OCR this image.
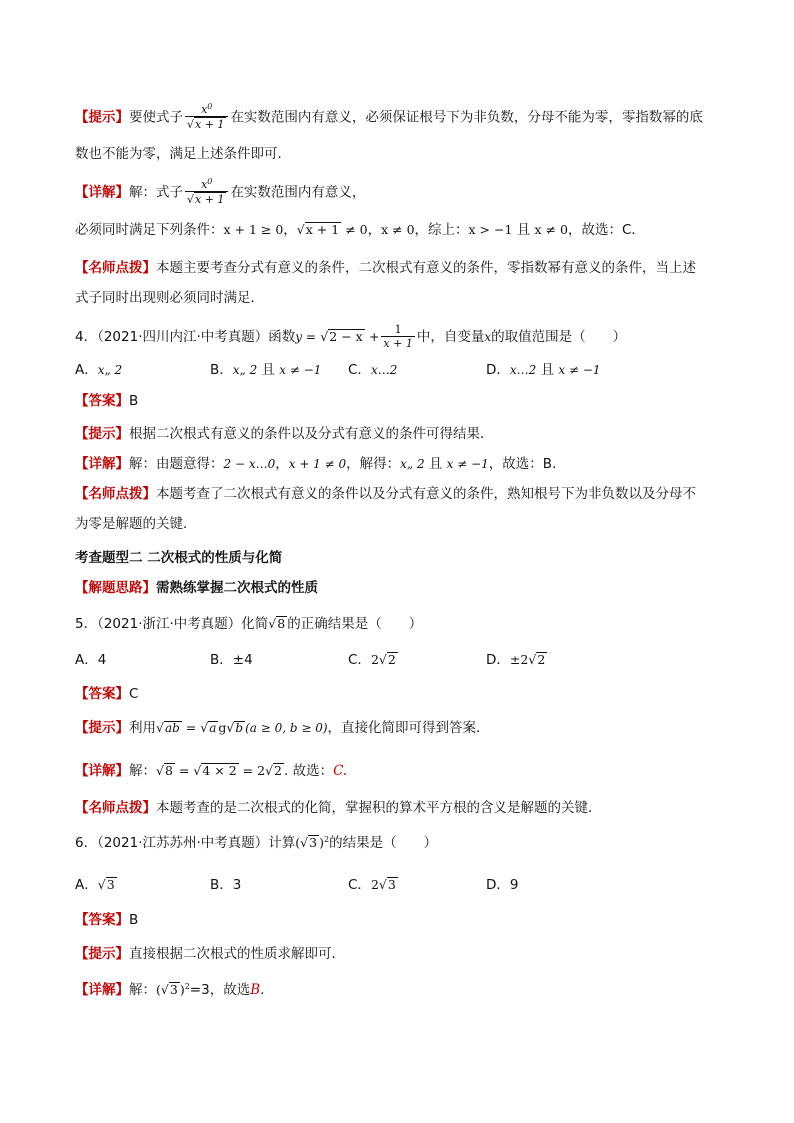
【提示】要使式子 $\frac{x^0}{√x + 1}$ 在实数范围内有意义，必须保证根号下为非负数，分母不能为零，零指数幂的底
数也不能为零，满足上述条件即可．
【详解】解：式子 $\frac{x^0}{√x + 1}$ 在实数范围内有意义，
必须同时满足下列条件：x + 1 ≥ 0，√x + 1 ≠ 0，x ≠ 0，综上：x > −1 且 x ≠ 0，故选：C．
【名师点拨】本题主要考查分式有意义的条件，二次根式有意义的条件，零指数幂有意义的条件，当上述
式子同时出现则必须同时满足．
4．（2021·四川内江·中考真题）函数$y = √2 - x + \frac{1}{x + 1}$ 中，自变量x的取值范围是（　　）
A．x„ 2	B．x„ 2 且 x ≠ −1 C．x…2	D．x…2 且 x ≠ −1
【答案】B
【提示】根据二次根式有意义的条件以及分式有意义的条件可得结果．
【详解】解：由题意得：2 − x…0，x + 1 ≠ 0，解得：x„ 2 且 x ≠ −1，故选：B．
【名师点拨】本题考查了二次根式有意义的条件以及分式有意义的条件，熟知根号下为非负数以及分母不
为零是解题的关键．
考查题型二 二次根式的性质与化简
【解题思路】需熟练掌握二次根式的性质
5．（2021·浙江·中考真题）化简√8 的正确结果是（　　）
A．4	B．±4	C．2√2	D．±2√2
【答案】C
【提示】利用√ab = √a g√b (a ≥ 0, b ≥ 0)，直接化简即可得到答案．
【详解】解：√8 = √4 × 2 = 2√2 . 故选：C.
【名师点拨】本题考查的是二次根式的化简，掌握积的算术平方根的含义是解题的关键．
6．（2021·江苏苏州·中考真题）计算(√3 )$^2$的结果是（　　）
A．√3	B．3	C．2√3	D．9
【答案】B
【提示】直接根据二次根式的性质求解即可．
【详解】解：(√3 )$^2$=3，故选B.
